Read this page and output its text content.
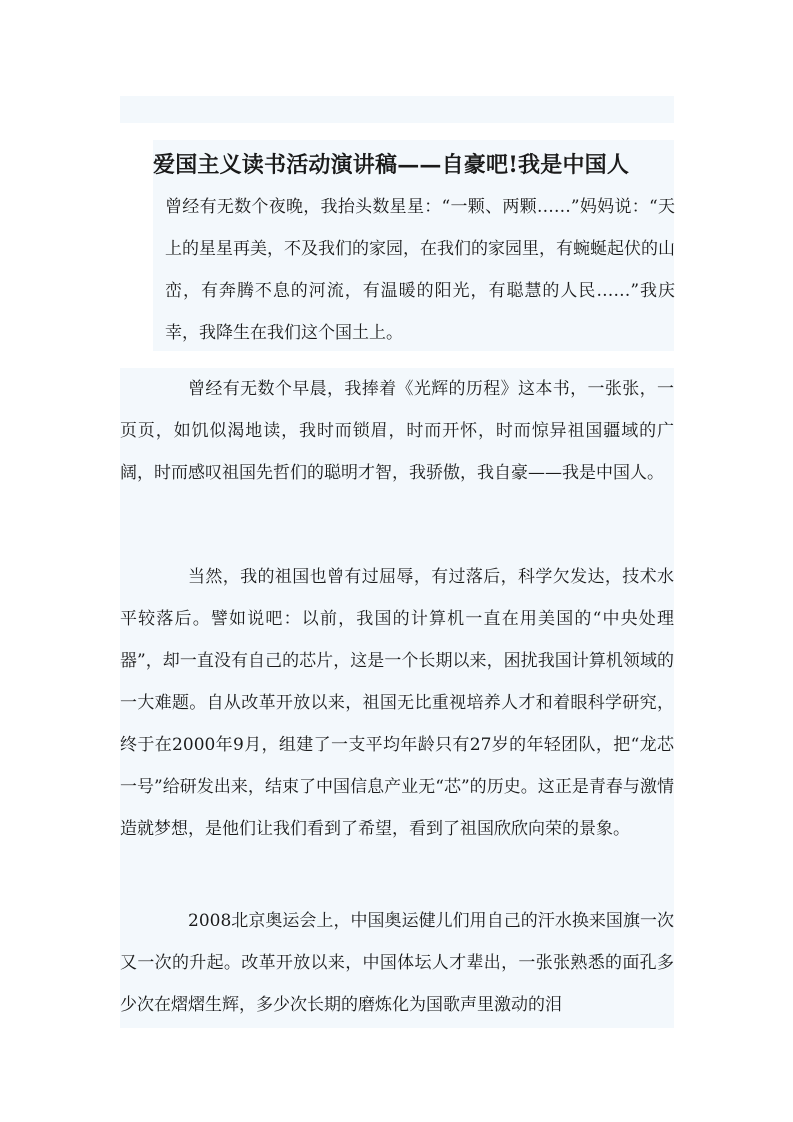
爱国主义读书活动演讲稿——自豪吧!我是中国人

曾经有无数个夜晚，我抬头数星星：“一颗、两颗……”妈妈说：“天上的星星再美，不及我们的家园，在我们的家园里，有蜿蜒起伏的山峦，有奔腾不息的河流，有温暖的阳光，有聪慧的人民……”我庆幸，我降生在我们这个国土上。

曾经有无数个早晨，我捧着《光辉的历程》这本书，一张张，一页页，如饥似渴地读，我时而锁眉，时而开怀，时而惊异祖国疆域的广阔，时而感叹祖国先哲们的聪明才智，我骄傲，我自豪——我是中国人。

当然，我的祖国也曾有过屈辱，有过落后，科学欠发达，技术水平较落后。譬如说吧：以前，我国的计算机一直在用美国的“中央处理器”，却一直没有自己的芯片，这是一个长期以来，困扰我国计算机领域的一大难题。自从改革开放以来，祖国无比重视培养人才和着眼科学研究，终于在2000年9月，组建了一支平均年龄只有27岁的年轻团队，把“龙芯一号”给研发出来，结束了中国信息产业无“芯”的历史。这正是青春与激情造就梦想，是他们让我们看到了希望，看到了祖国欣欣向荣的景象。

2008北京奥运会上，中国奥运健儿们用自己的汗水换来国旗一次又一次的升起。改革开放以来，中国体坛人才辈出，一张张熟悉的面孔多少次在熠熠生辉，多少次长期的磨炼化为国歌声里激动的泪
